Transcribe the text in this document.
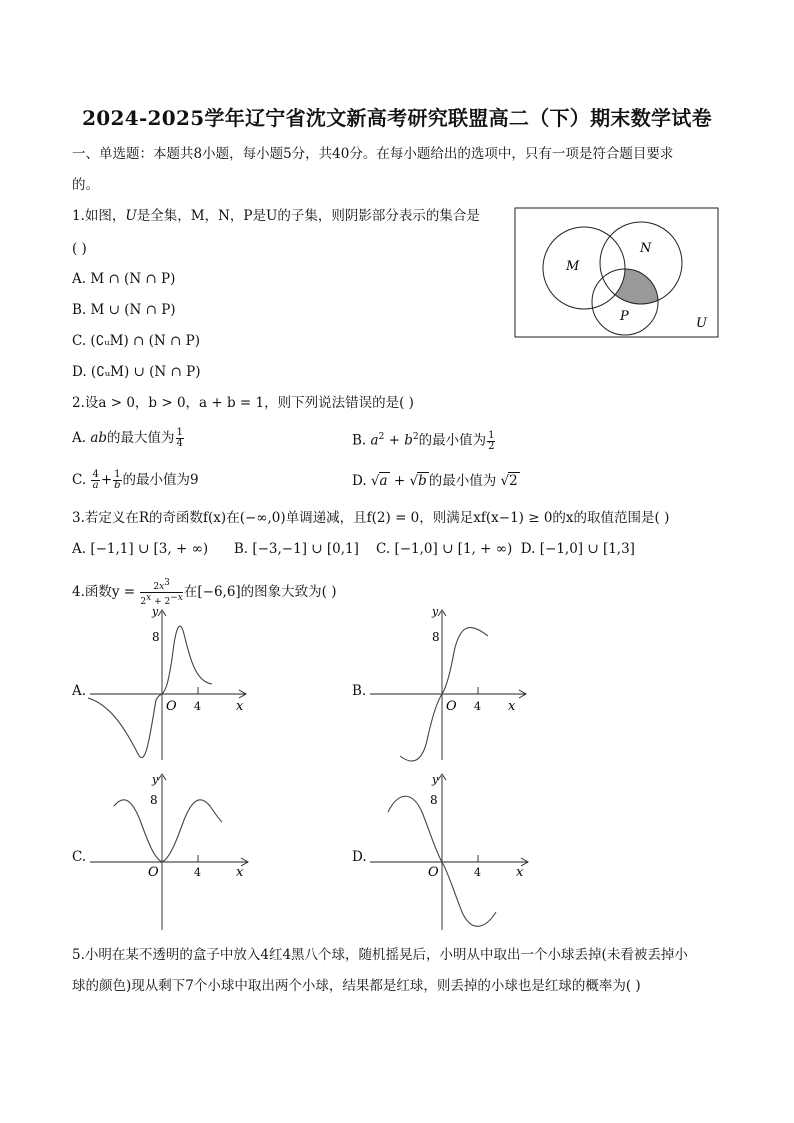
2024-2025学年辽宁省沈文新高考研究联盟高二（下）期末数学试卷
一、单选题：本题共8小题，每小题5分，共40分。在每小题给出的选项中，只有一项是符合题目要求
的。
1.如图，U是全集，M，N，P是U的子集，则阴影部分表示的集合是
( )
A. M ∩ (N ∩ P)
B. M ∪ (N ∩ P)
C. (∁ᵤM) ∩ (N ∩ P)
D. (∁ᵤM) ∪ (N ∩ P)
M
N
P	U
2.设a > 0，b > 0，a + b = 1，则下列说法错误的是( )
A. ab的最大值为 $\frac{1}{4}$	B. $a^2 + b^2$的最小值为 $\frac{1}{2}$
C. $\frac{4}{a} + \frac{1}{b}$ 的最小值为9	D. √a + √b 的最小值为 √2
3.若定义在R的奇函数f(x)在(−∞,0)单调递减，且f(2) = 0，则满足xf(x−1) ≥ 0的x的取值范围是( )
A. [−1,1] ∪ [3, + ∞)      B. [−3,−1] ∪ [0,1]    C. [−1,0] ∪ [1, + ∞)  D. [−1,0] ∪ [1,3]
4.函数$y = \frac{2x^3}{2^x + 2^{-x}}$ 在[−6,6]的图象大致为( )
A.	B.
C.	D.
y
8
x
O 4
y
8
x
O 4
y
8
x
O	4
y
8
x
O	4
5.小明在某不透明的盒子中放入4红4黑八个球，随机摇晃后，小明从中取出一个小球丢掉(未看被丢掉小
球的颜色)现从剩下7个小球中取出两个小球，结果都是红球，则丢掉的小球也是红球的概率为( )
